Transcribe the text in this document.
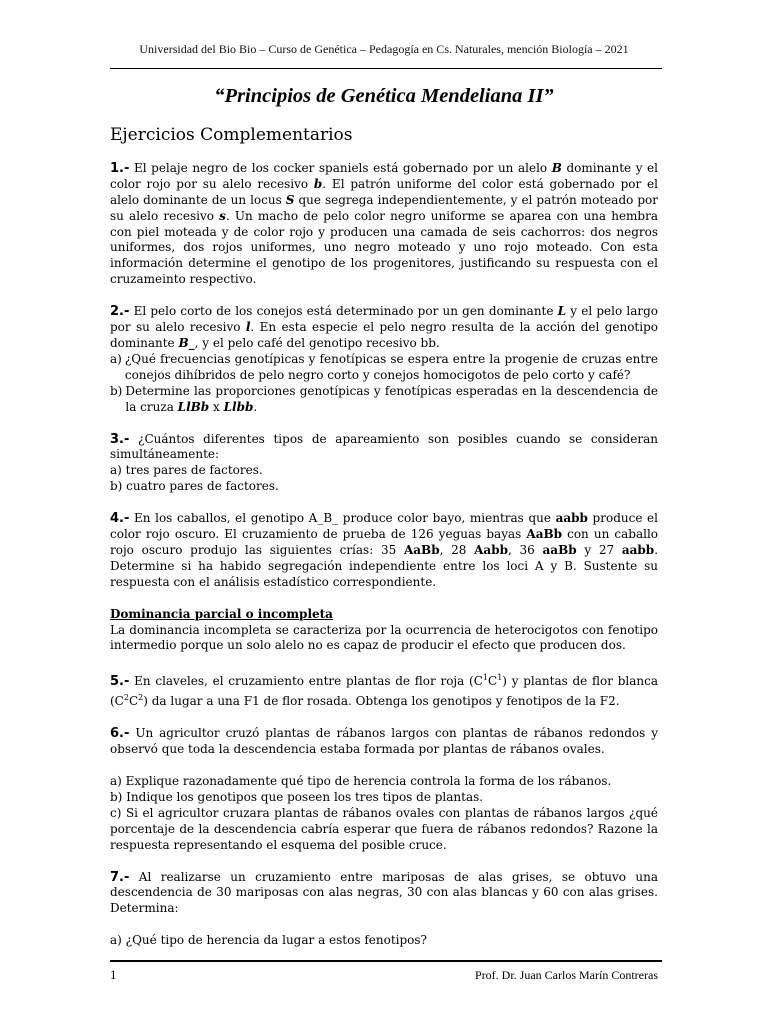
Universidad del Bio Bio – Curso de Genética – Pedagogía en Cs. Naturales, mención Biología – 2021
“Principios de Genética Mendeliana II”
Ejercicios Complementarios

1.- El pelaje negro de los cocker spaniels está gobernado por un alelo B dominante y el color rojo por su alelo recesivo b. El patrón uniforme del color está gobernado por el alelo dominante de un locus S que segrega independientemente, y el patrón moteado por su alelo recesivo s. Un macho de pelo color negro uniforme se aparea con una hembra con piel moteada y de color rojo y producen una camada de seis cachorros: dos negros uniformes, dos rojos uniformes, uno negro moteado y uno rojo moteado. Con esta información determine el genotipo de los progenitores, justificando su respuesta con el cruzameinto respectivo.

2.- El pelo corto de los conejos está determinado por un gen dominante L y el pelo largo por su alelo recesivo l. En esta especie el pelo negro resulta de la acción del genotipo dominante B_, y el pelo café del genotipo recesivo bb.

a) ¿Qué frecuencias genotípicas y fenotípicas se espera entre la progenie de cruzas entre conejos dihíbridos de pelo negro corto y conejos homocigotos de pelo corto y café?
b) Determine las proporciones genotípicas y fenotípicas esperadas en la descendencia de la cruza LlBb x Llbb.

3.- ¿Cuántos diferentes tipos de apareamiento son posibles cuando se consideran simultáneamente:

a) tres pares de factores.

b) cuatro pares de factores.

4.- En los caballos, el genotipo A_B_ produce color bayo, mientras que aabb produce el color rojo oscuro. El cruzamiento de prueba de 126 yeguas bayas AaBb con un caballo rojo oscuro produjo las siguientes crías: 35 AaBb, 28 Aabb, 36 aaBb y 27 aabb. Determine si ha habido segregación independiente entre los loci A y B. Sustente su respuesta con el análisis estadístico correspondiente.

Dominancia parcial o incompleta

La dominancia incompleta se caracteriza por la ocurrencia de heterocigotos con fenotipo intermedio porque un solo alelo no es capaz de producir el efecto que producen dos.

5.- En claveles, el cruzamiento entre plantas de flor roja $(C^1C^1)$ y plantas de flor blanca $(C^2C^2)$ da lugar a una F1 de flor rosada. Obtenga los genotipos y fenotipos de la F2.

6.- Un agricultor cruzó plantas de rábanos largos con plantas de rábanos redondos y observó que toda la descendencia estaba formada por plantas de rábanos ovales.

a) Explique razonadamente qué tipo de herencia controla la forma de los rábanos.

b) Indique los genotipos que poseen los tres tipos de plantas.

c) Si el agricultor cruzara plantas de rábanos ovales con plantas de rábanos largos ¿qué porcentaje de la descendencia cabría esperar que fuera de rábanos redondos? Razone la respuesta representando el esquema del posible cruce.

7.- Al realizarse un cruzamiento entre mariposas de alas grises, se obtuvo una descendencia de 30 mariposas con alas negras, 30 con alas blancas y 60 con alas grises. Determina:

a) ¿Qué tipo de herencia da lugar a estos fenotipos?

1	Prof. Dr. Juan Carlos Marín Contreras
